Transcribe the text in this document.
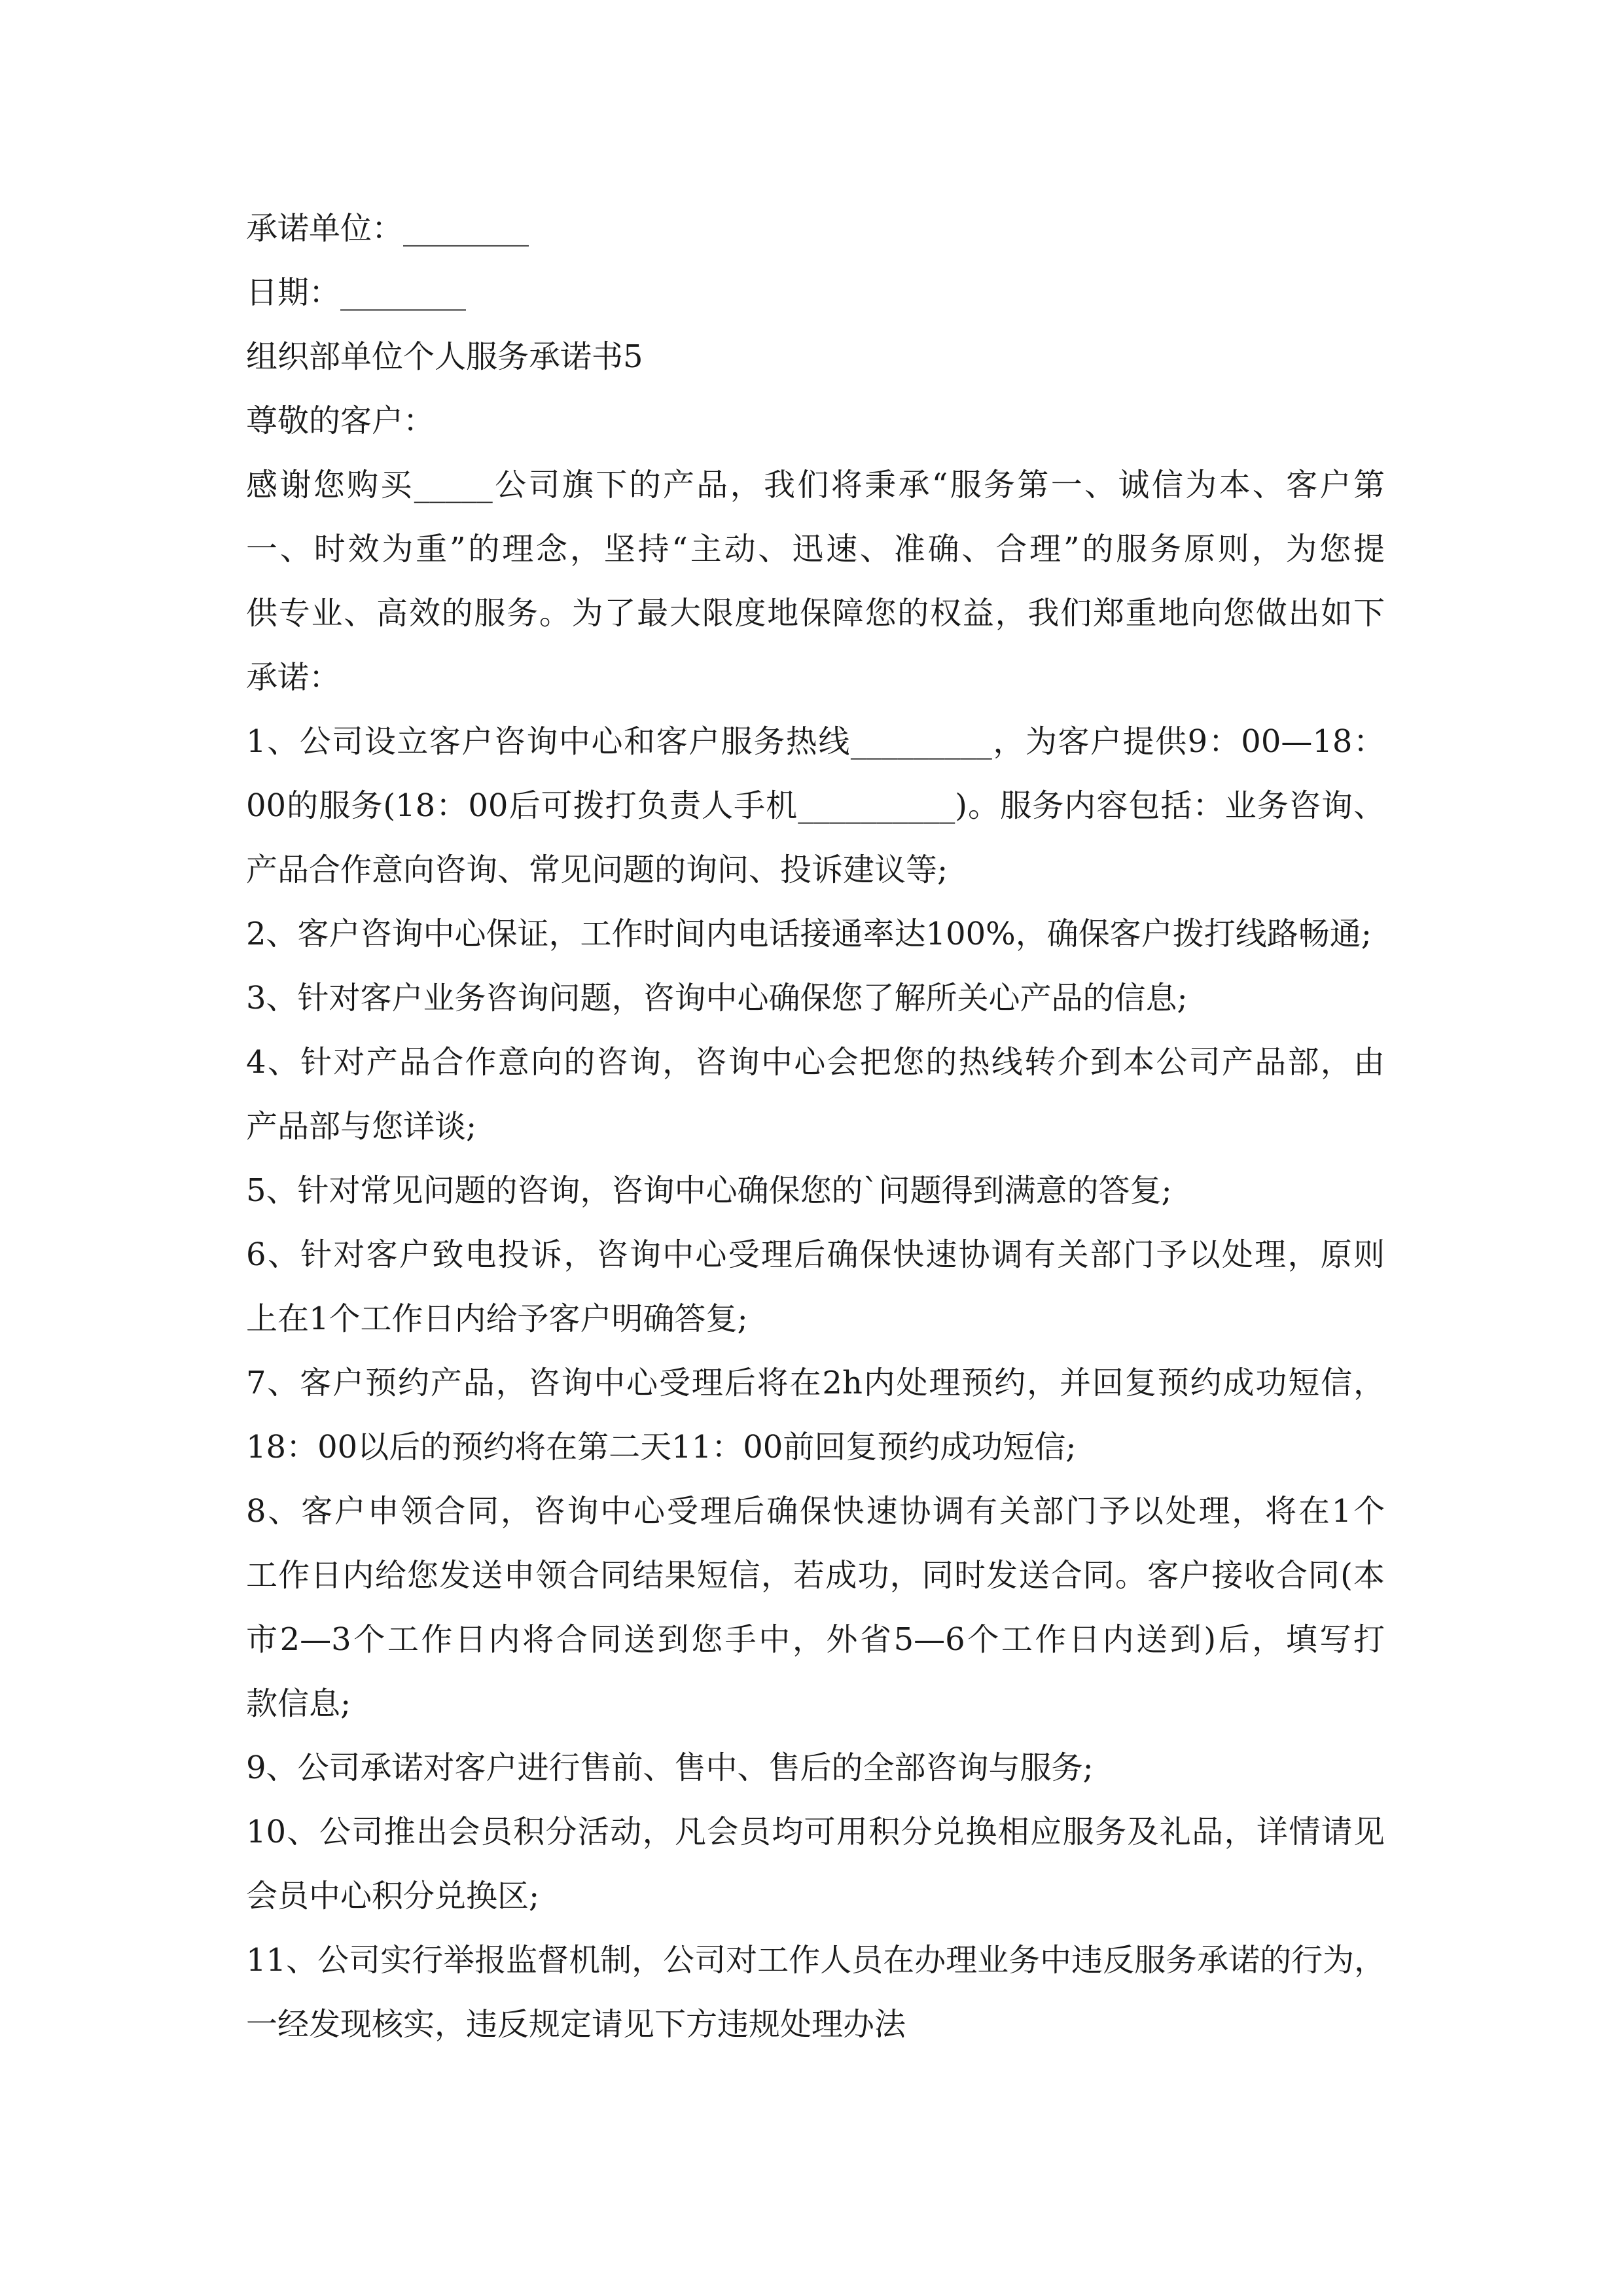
承诺单位：________

日期：________

组织部单位个人服务承诺书5

尊敬的客户：

感谢您购买_____公司旗下的产品，我们将秉承“服务第一、诚信为本、客户第

一、时效为重”的理念，坚持“主动、迅速、准确、合理”的服务原则，为您提

供专业、高效的服务。为了最大限度地保障您的权益，我们郑重地向您做出如下

承诺：

1、公司设立客户咨询中心和客户服务热线_________，为客户提供9：00—18：

00的服务(18：00后可拨打负责人手机__________)。服务内容包括：业务咨询、

产品合作意向咨询、常见问题的询问、投诉建议等;

2、客户咨询中心保证，工作时间内电话接通率达100%，确保客户拨打线路畅通;

3、针对客户业务咨询问题，咨询中心确保您了解所关心产品的信息;

4、针对产品合作意向的咨询，咨询中心会把您的热线转介到本公司产品部，由

产品部与您详谈;

5、针对常见问题的咨询，咨询中心确保您的`问题得到满意的答复;

6、针对客户致电投诉，咨询中心受理后确保快速协调有关部门予以处理，原则

上在1个工作日内给予客户明确答复;

7、客户预约产品，咨询中心受理后将在2h内处理预约，并回复预约成功短信，

18：00以后的预约将在第二天11：00前回复预约成功短信;

8、客户申领合同，咨询中心受理后确保快速协调有关部门予以处理，将在1个

工作日内给您发送申领合同结果短信，若成功，同时发送合同。客户接收合同(本

市2—3个工作日内将合同送到您手中，外省5—6个工作日内送到)后，填写打

款信息;

9、公司承诺对客户进行售前、售中、售后的全部咨询与服务;

10、公司推出会员积分活动，凡会员均可用积分兑换相应服务及礼品，详情请见

会员中心积分兑换区;

11、公司实行举报监督机制，公司对工作人员在办理业务中违反服务承诺的行为，

一经发现核实，违反规定请见下方违规处理办法
